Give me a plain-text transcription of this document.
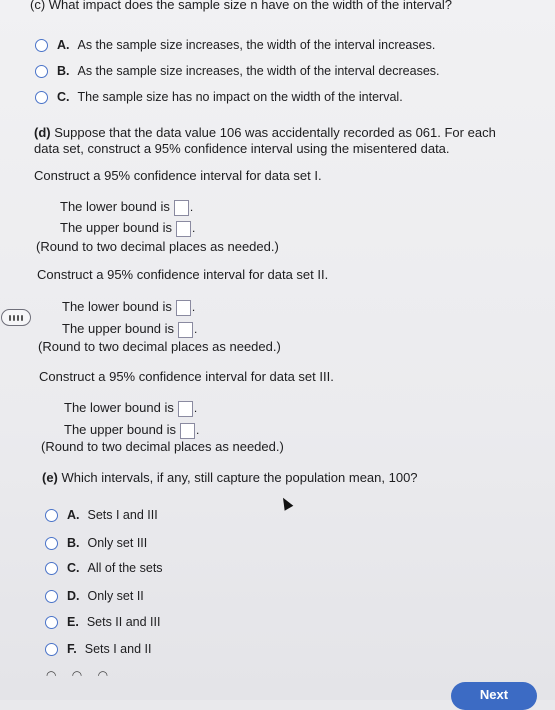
(c) What impact does the sample size n have on the width of the interval?
A. As the sample size increases, the width of the interval increases.
B. As the sample size increases, the width of the interval decreases.
C. The sample size has no impact on the width of the interval.
(d) Suppose that the data value 106 was accidentally recorded as 061. For each
data set, construct a 95% confidence interval using the misentered data.
Construct a 95% confidence interval for data set I.
The lower bound is .
The upper bound is .
(Round to two decimal places as needed.)
Construct a 95% confidence interval for data set II.
The lower bound is .
The upper bound is .
(Round to two decimal places as needed.)
Construct a 95% confidence interval for data set III.
The lower bound is .
The upper bound is .
(Round to two decimal places as needed.)
(e) Which intervals, if any, still capture the population mean, 100?
A. Sets I and III
B. Only set III
C. All of the sets
D. Only set II
E. Sets II and III
F. Sets I and II
◠ ◠ ◠
Next
